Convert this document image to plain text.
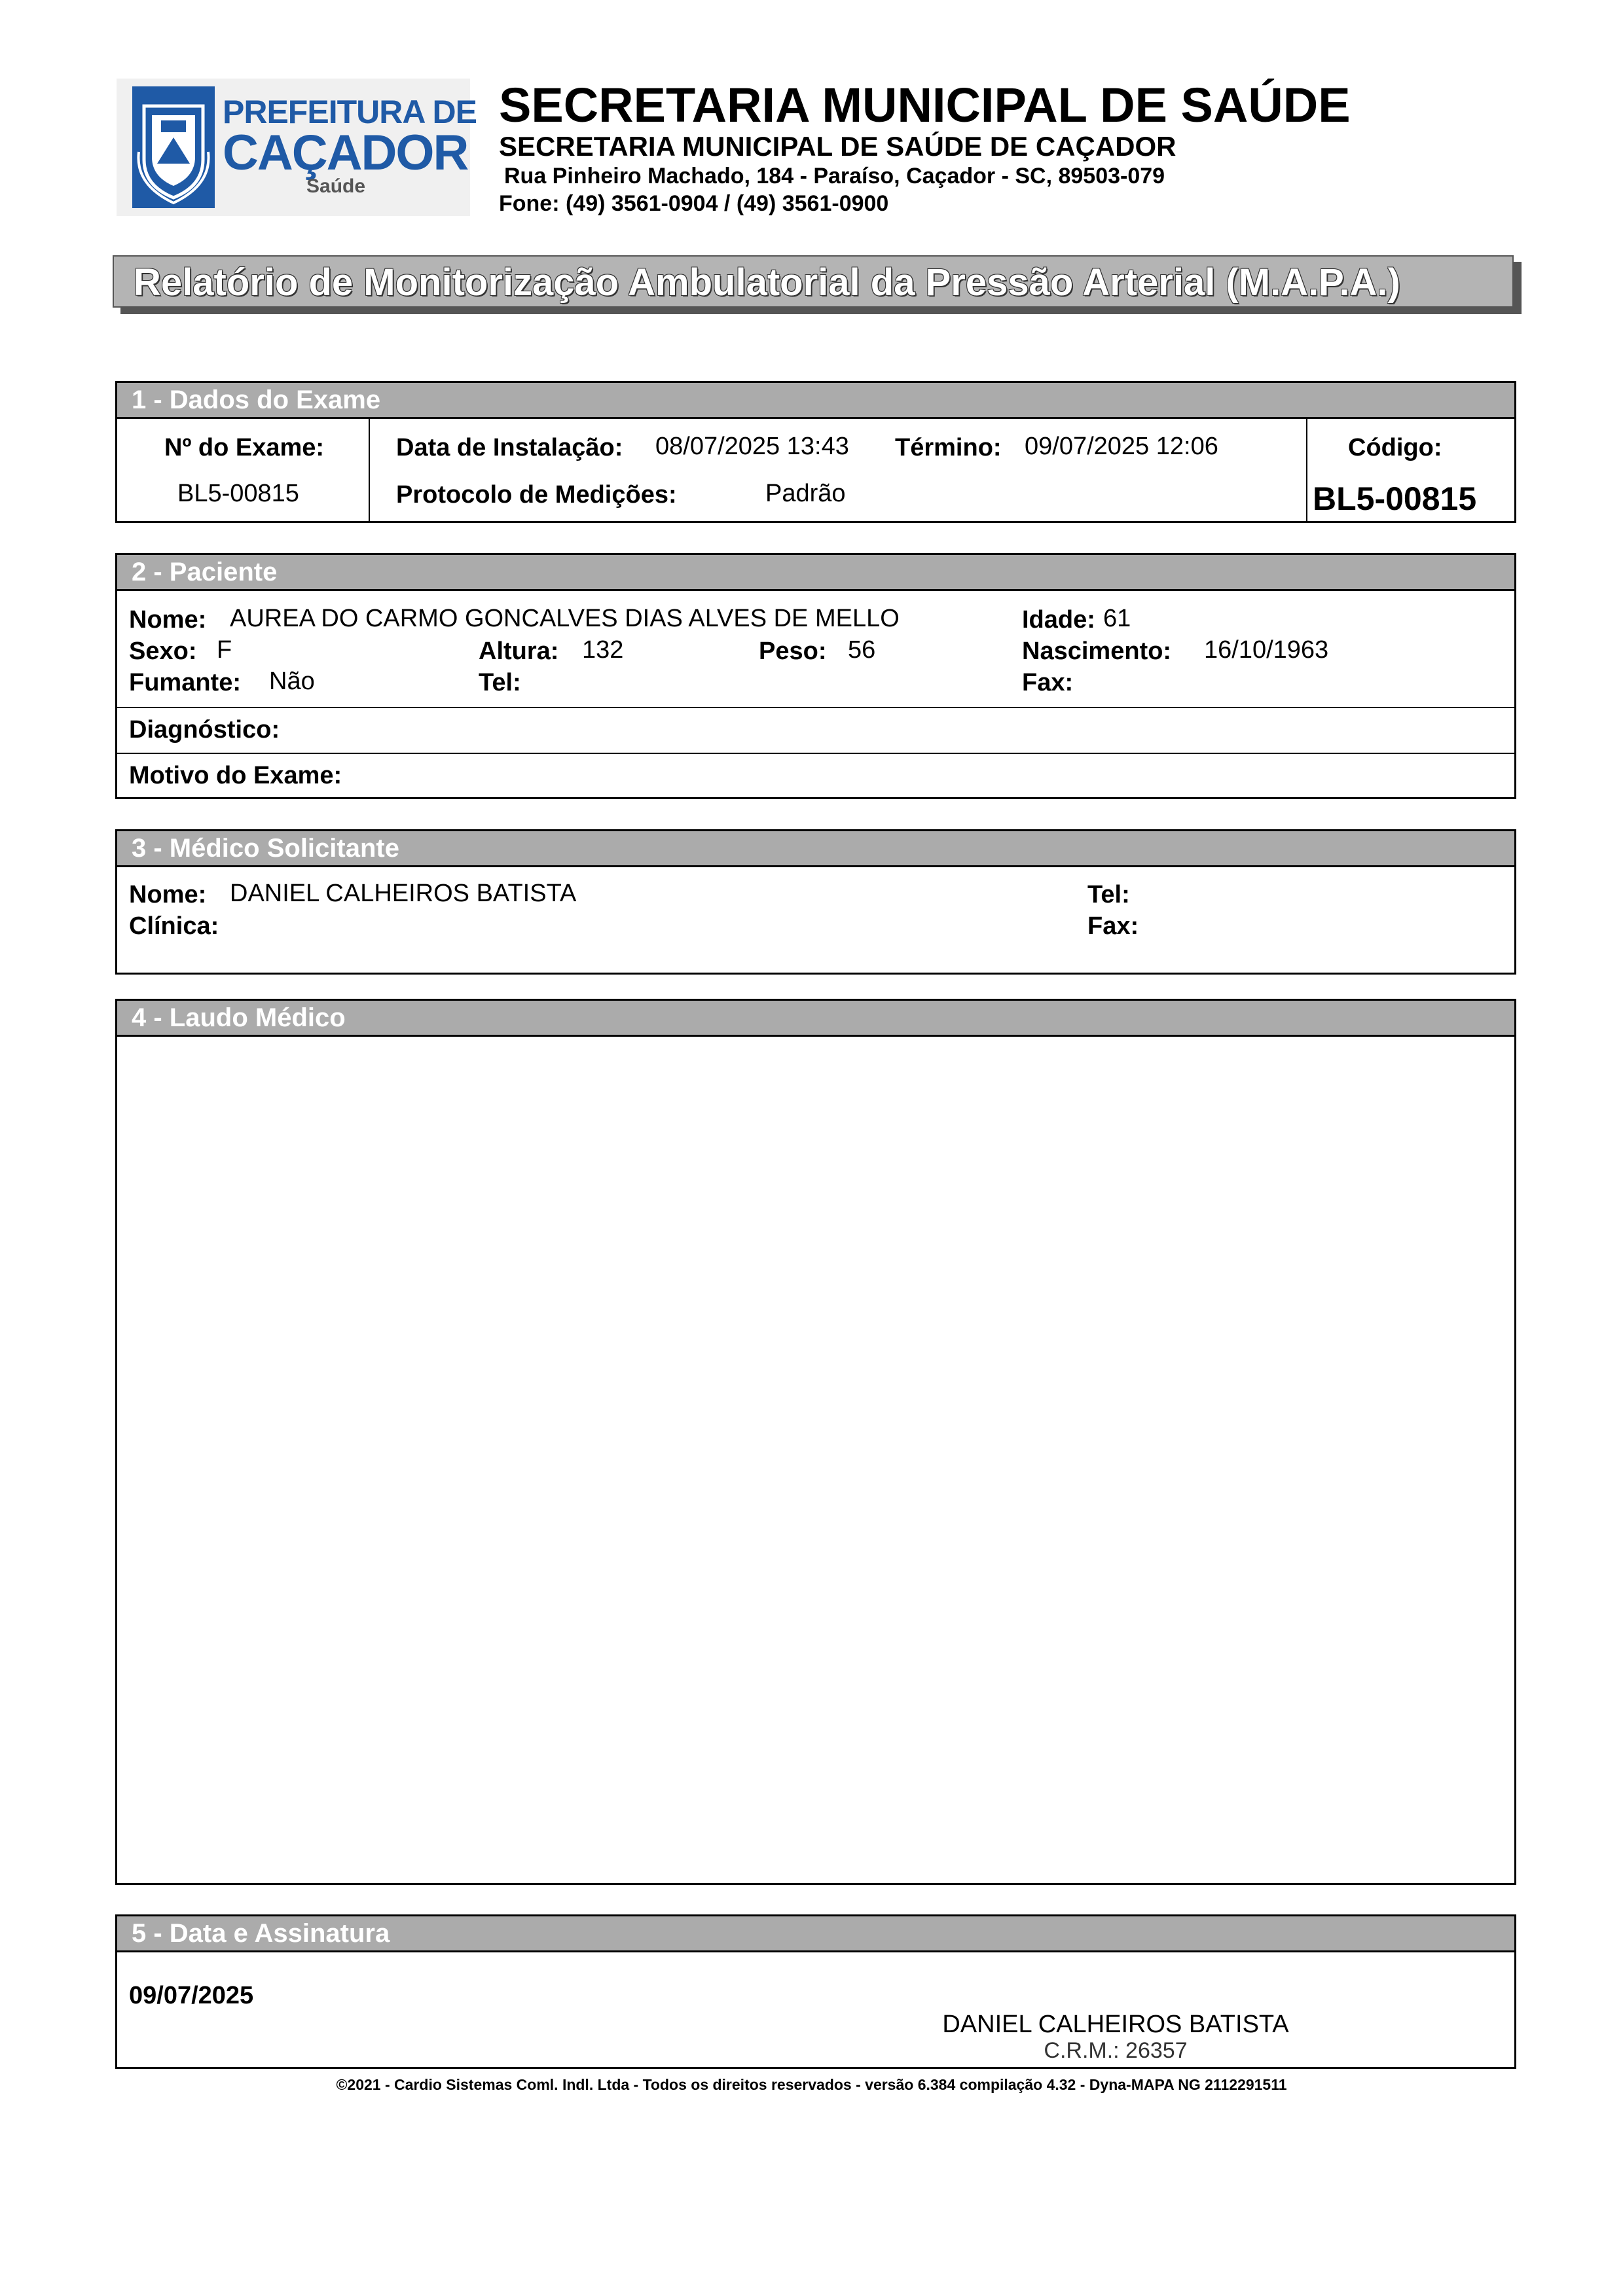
PREFEITURA DE
CAÇADOR
Saúde
SECRETARIA MUNICIPAL DE SAÚDE
SECRETARIA MUNICIPAL DE SAÚDE DE CAÇADOR
Rua Pinheiro Machado, 184 - Paraíso, Caçador - SC, 89503-079
Fone: (49) 3561-0904 / (49) 3561-0900
Relatório de Monitorização Ambulatorial da Pressão Arterial (M.A.P.A.)
1 - Dados do Exame
Nº do Exame:
BL5-00815
Data de Instalação: 08/07/2025 13:43 Término: 09/07/2025 12:06
Protocolo de Medições:	Padrão
Código:
BL5-00815
2 - Paciente
Nome: AUREA DO CARMO GONCALVES DIAS ALVES DE MELLO	Idade: 61
Sexo: F	Altura: 132	Peso: 56	Nascimento: 16/10/1963
Fumante: Não	Tel:	Fax:
Diagnóstico:
Motivo do Exame:
3 - Médico Solicitante
Nome: DANIEL CALHEIROS BATISTA	Tel:
Clínica:	Fax:
4 - Laudo Médico
5 - Data e Assinatura
09/07/2025
DANIEL CALHEIROS BATISTA
C.R.M.: 26357
©2021 - Cardio Sistemas Coml. Indl. Ltda - Todos os direitos reservados - versão 6.384 compilação 4.32 - Dyna-MAPA NG 2112291511
